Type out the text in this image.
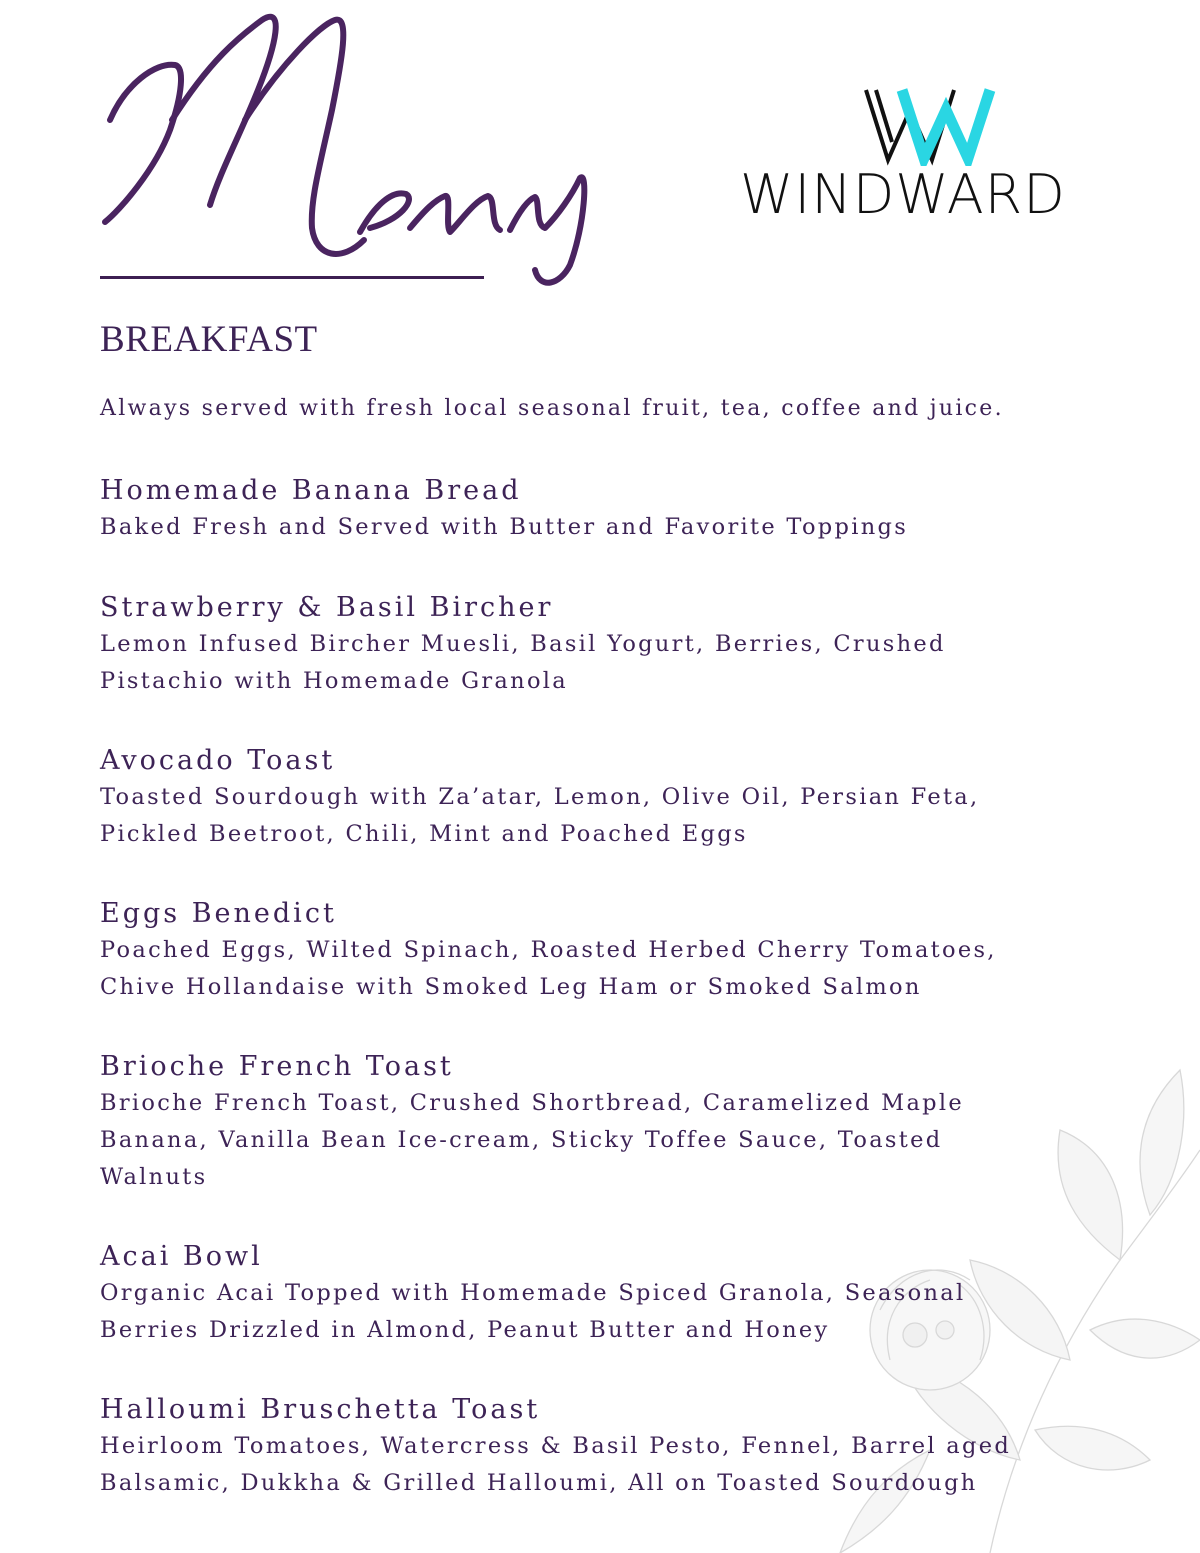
WINDWARD
BREAKFAST
Always served with fresh local seasonal fruit, tea, coffee and juice.
Homemade Banana Bread
Baked Fresh and Served with Butter and Favorite Toppings
Strawberry & Basil Bircher
Lemon Infused Bircher Muesli, Basil Yogurt, Berries, Crushed
Pistachio with Homemade Granola
Avocado Toast
Toasted Sourdough with Za’atar, Lemon, Olive Oil, Persian Feta,
Pickled Beetroot, Chili, Mint and Poached Eggs
Eggs Benedict
Poached Eggs, Wilted Spinach, Roasted Herbed Cherry Tomatoes,
Chive Hollandaise with Smoked Leg Ham or Smoked Salmon
Brioche French Toast
Brioche French Toast, Crushed Shortbread, Caramelized Maple
Banana, Vanilla Bean Ice-cream, Sticky Toffee Sauce, Toasted
Walnuts
Acai Bowl
Organic Acai Topped with Homemade Spiced Granola, Seasonal
Berries Drizzled in Almond, Peanut Butter and Honey
Halloumi Bruschetta Toast
Heirloom Tomatoes, Watercress & Basil Pesto, Fennel, Barrel aged
Balsamic, Dukkha & Grilled Halloumi, All on Toasted Sourdough
